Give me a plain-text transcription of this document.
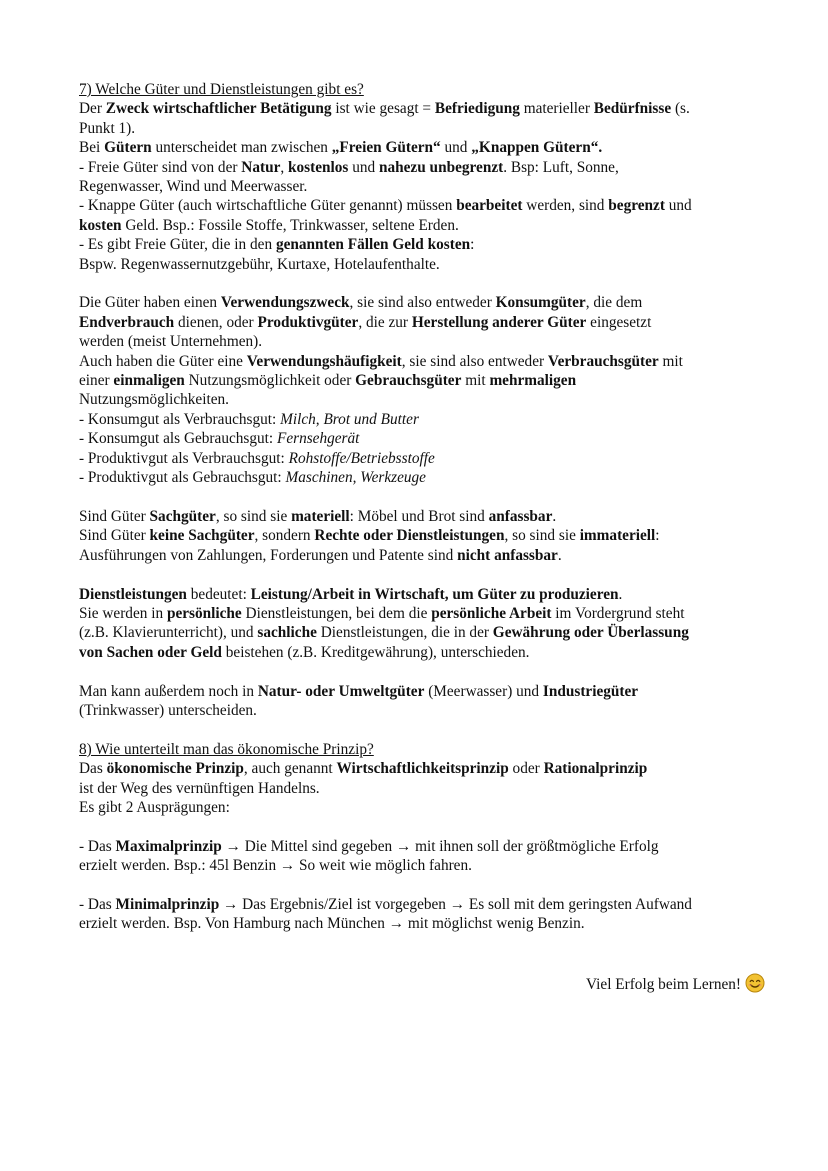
7) Welche Güter und Dienstleistungen gibt es?

Der Zweck wirtschaftlicher Betätigung ist wie gesagt = Befriedigung materieller Bedürfnisse (s.
Punkt 1).

Bei Gütern unterscheidet man zwischen „Freien Gütern“ und „Knappen Gütern“.

- Freie Güter sind von der Natur, kostenlos und nahezu unbegrenzt. Bsp: Luft, Sonne,
Regenwasser, Wind und Meerwasser.

- Knappe Güter (auch wirtschaftliche Güter genannt) müssen bearbeitet werden, sind begrenzt und
kosten Geld. Bsp.: Fossile Stoffe, Trinkwasser, seltene Erden.

- Es gibt Freie Güter, die in den genannten Fällen Geld kosten:
Bspw. Regenwassernutzgebühr, Kurtaxe, Hotelaufenthalte.

Die Güter haben einen Verwendungszweck, sie sind also entweder Konsumgüter, die dem
Endverbrauch dienen, oder Produktivgüter, die zur Herstellung anderer Güter eingesetzt
werden (meist Unternehmen).

Auch haben die Güter eine Verwendungshäufigkeit, sie sind also entweder Verbrauchsgüter mit
einer einmaligen Nutzungsmöglichkeit oder Gebrauchsgüter mit mehrmaligen
Nutzungsmöglichkeiten.

- Konsumgut als Verbrauchsgut: Milch, Brot und Butter

- Konsumgut als Gebrauchsgut: Fernsehgerät

- Produktivgut als Verbrauchsgut: Rohstoffe/Betriebsstoffe

- Produktivgut als Gebrauchsgut: Maschinen, Werkzeuge

Sind Güter Sachgüter, so sind sie materiell: Möbel und Brot sind anfassbar.

Sind Güter keine Sachgüter, sondern Rechte oder Dienstleistungen, so sind sie immateriell:
Ausführungen von Zahlungen, Forderungen und Patente sind nicht anfassbar.

Dienstleistungen bedeutet: Leistung/Arbeit in Wirtschaft, um Güter zu produzieren.

Sie werden in persönliche Dienstleistungen, bei dem die persönliche Arbeit im Vordergrund steht
(z.B. Klavierunterricht), und sachliche Dienstleistungen, die in der Gewährung oder Überlassung
von Sachen oder Geld beistehen (z.B. Kreditgewährung), unterschieden.

Man kann außerdem noch in Natur- oder Umweltgüter (Meerwasser) und Industriegüter
(Trinkwasser) unterscheiden.

8) Wie unterteilt man das ökonomische Prinzip?

Das ökonomische Prinzip, auch genannt Wirtschaftlichkeitsprinzip oder Rationalprinzip
ist der Weg des vernünftigen Handelns.

Es gibt 2 Ausprägungen:

- Das Maximalprinzip → Die Mittel sind gegeben → mit ihnen soll der größtmögliche Erfolg
erzielt werden. Bsp.: 45l Benzin → So weit wie möglich fahren.

- Das Minimalprinzip → Das Ergebnis/Ziel ist vorgegeben → Es soll mit dem geringsten Aufwand
erzielt werden. Bsp. Von Hamburg nach München → mit möglichst wenig Benzin.

Viel Erfolg beim Lernen!
